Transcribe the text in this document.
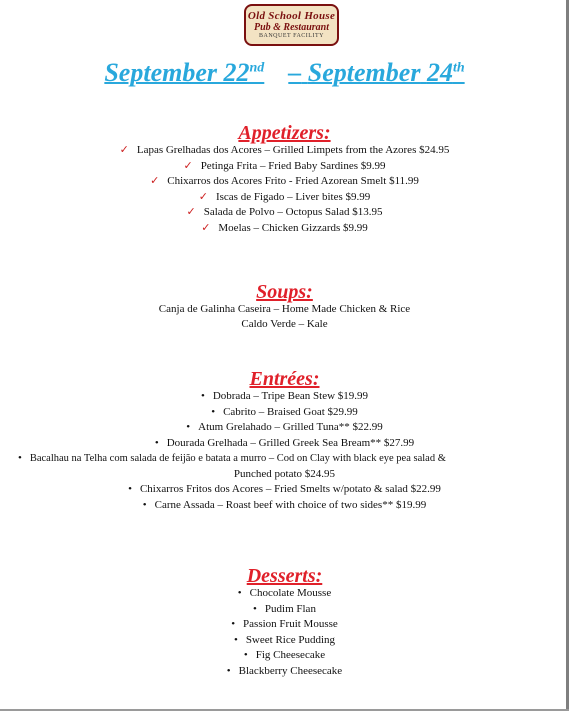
Old School House
Pub & Restaurant
BANQUET FACILITY
September 22nd – September 24th
Appetizers:
✓ Lapas Grelhadas dos Acores – Grilled Limpets from the Azores $24.95
✓ Petinga Frita – Fried Baby Sardines $9.99
✓ Chixarros dos Acores Frito - Fried Azorean Smelt $11.99
✓ Iscas de Figado – Liver bites $9.99
✓ Salada de Polvo – Octopus Salad $13.95
✓ Moelas – Chicken Gizzards $9.99
Soups:
Canja de Galinha Caseira – Home Made Chicken & Rice
Caldo Verde – Kale
Entrées:
• Dobrada – Tripe Bean Stew $19.99
• Cabrito – Braised Goat $29.99
• Atum Grelahado – Grilled Tuna** $22.99
• Dourada Grelhada – Grilled Greek Sea Bream** $27.99
• Bacalhau na Telha com salada de feijão e batata a murro – Cod on Clay with black eye pea salad &
Punched potato $24.95
• Chixarros Fritos dos Acores – Fried Smelts w/potato & salad $22.99
• Carne Assada – Roast beef with choice of two sides** $19.99
Desserts:
• Chocolate Mousse
• Pudim Flan
• Passion Fruit Mousse
• Sweet Rice Pudding
• Fig Cheesecake
• Blackberry Cheesecake
